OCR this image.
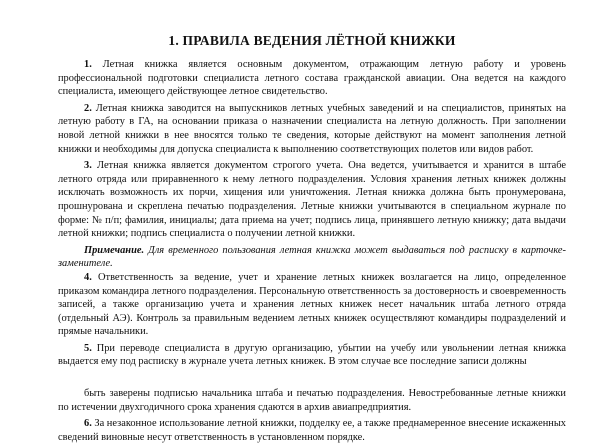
1. ПРАВИЛА ВЕДЕНИЯ ЛЁТНОЙ КНИЖКИ

1. Летная книжка является основным документом, отражающим летную работу и уровень профессиональной подготовки специалиста летного состава гражданской авиации. Она ведется на каждого специалиста, имеющего действующее летное свидетельство.

2. Летная книжка заводится на выпускников летных учебных заведений и на специалистов, принятых на летную работу в ГА, на основании приказа о назначении специалиста на летную должность. При заполнении новой летной книжки в нее вносятся только те сведения, которые действуют на момент заполнения летной книжки и необходимы для допуска специалиста к выполнению соответствующих полетов или видов работ.

3. Летная книжка является документом строгого учета. Она ведется, учитывается и хранится в штабе летного отряда или приравненного к нему летного подразделения. Условия хранения летных книжек должны исключать возможность их порчи, хищения или уничтожения. Летная книжка должна быть пронумерована, прошнурована и скреплена печатью подразделения. Летные книжки учитываются в специальном журнале по форме: № п/п; фамилия, инициалы; дата приема на учет; подпись лица, принявшего летную книжку; дата выдачи летной книжки; подпись специалиста о получении летной книжки.

Примечание. Для временного пользования летная книжка может выдаваться под расписку в карточке-заменителе.

4. Ответственность за ведение, учет и хранение летных книжек возлагается на лицо, определенное приказом командира летного подразделения. Персональную ответственность за достоверность и своевременность записей, а также организацию учета и хранения летных книжек несет начальник штаба летного отряда (отдельный АЭ). Контроль за правильным ведением летных книжек осуществляют командиры подразделений и прямые начальники.

5. При переводе специалиста в другую организацию, убытии на учебу или увольнении летная книжка выдается ему под расписку в журнале учета летных книжек. В этом случае все последние записи должны

быть заверены подписью начальника штаба и печатью подразделения. Невостребованные летные книжки по истечении двухгодичного срока хранения сдаются в архив авиапредприятия.

6. За незаконное использование летной книжки, подделку ее, а также преднамеренное внесение искаженных сведений виновные несут ответственность в установленном порядке.
